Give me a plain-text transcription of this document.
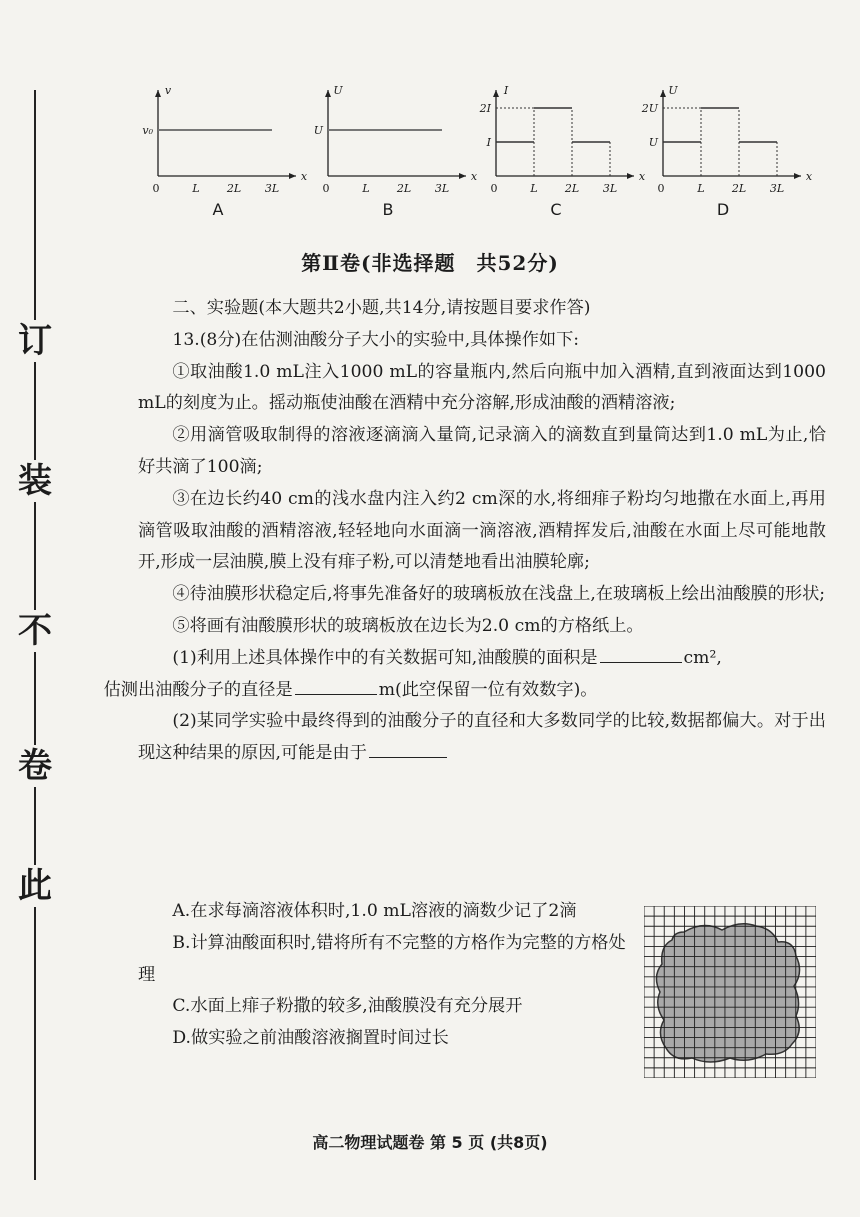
此
卷
不
装
订
v
x
0	L 2L 3L
v₀
A
U
x
0	L 2L 3L
U
B
I
x
0	L 2L 3L
I
2I
C
U
x
0	L 2L 3L
U
2U
D
第Ⅱ卷(非选择题　共52分)

二、实验题(本大题共2小题,共14分,请按题目要求作答)

13.(8分)在估测油酸分子大小的实验中,具体操作如下:

①取油酸1.0 mL注入1000 mL的容量瓶内,然后向瓶中加入酒精,直到液面达到1000 mL的刻度为止。摇动瓶使油酸在酒精中充分溶解,形成油酸的酒精溶液;

②用滴管吸取制得的溶液逐滴滴入量筒,记录滴入的滴数直到量筒达到1.0 mL为止,恰好共滴了100滴;

③在边长约40 cm的浅水盘内注入约2 cm深的水,将细痱子粉均匀地撒在水面上,再用滴管吸取油酸的酒精溶液,轻轻地向水面滴一滴溶液,酒精挥发后,油酸在水面上尽可能地散开,形成一层油膜,膜上没有痱子粉,可以清楚地看出油膜轮廓;

④待油膜形状稳定后,将事先准备好的玻璃板放在浅盘上,在玻璃板上绘出油酸膜的形状;

⑤将画有油酸膜形状的玻璃板放在边长为2.0 cm的方格纸上。

(1)利用上述具体操作中的有关数据可知,油酸膜的面积是	cm²,
估测出油酸分子的直径是	m(此空保留一位有效数字)。

(2)某同学实验中最终得到的油酸分子的直径和大多数同学的比较,数据都偏大。对于出现这种结果的原因,可能是由于

A.在求每滴溶液体积时,1.0 mL溶液的滴数少记了2滴

B.计算油酸面积时,错将所有不完整的方格作为完整的方格处理

C.水面上痱子粉撒的较多,油酸膜没有充分展开

D.做实验之前油酸溶液搁置时间过长

高二物理试题卷 第 5 页 (共8页)
